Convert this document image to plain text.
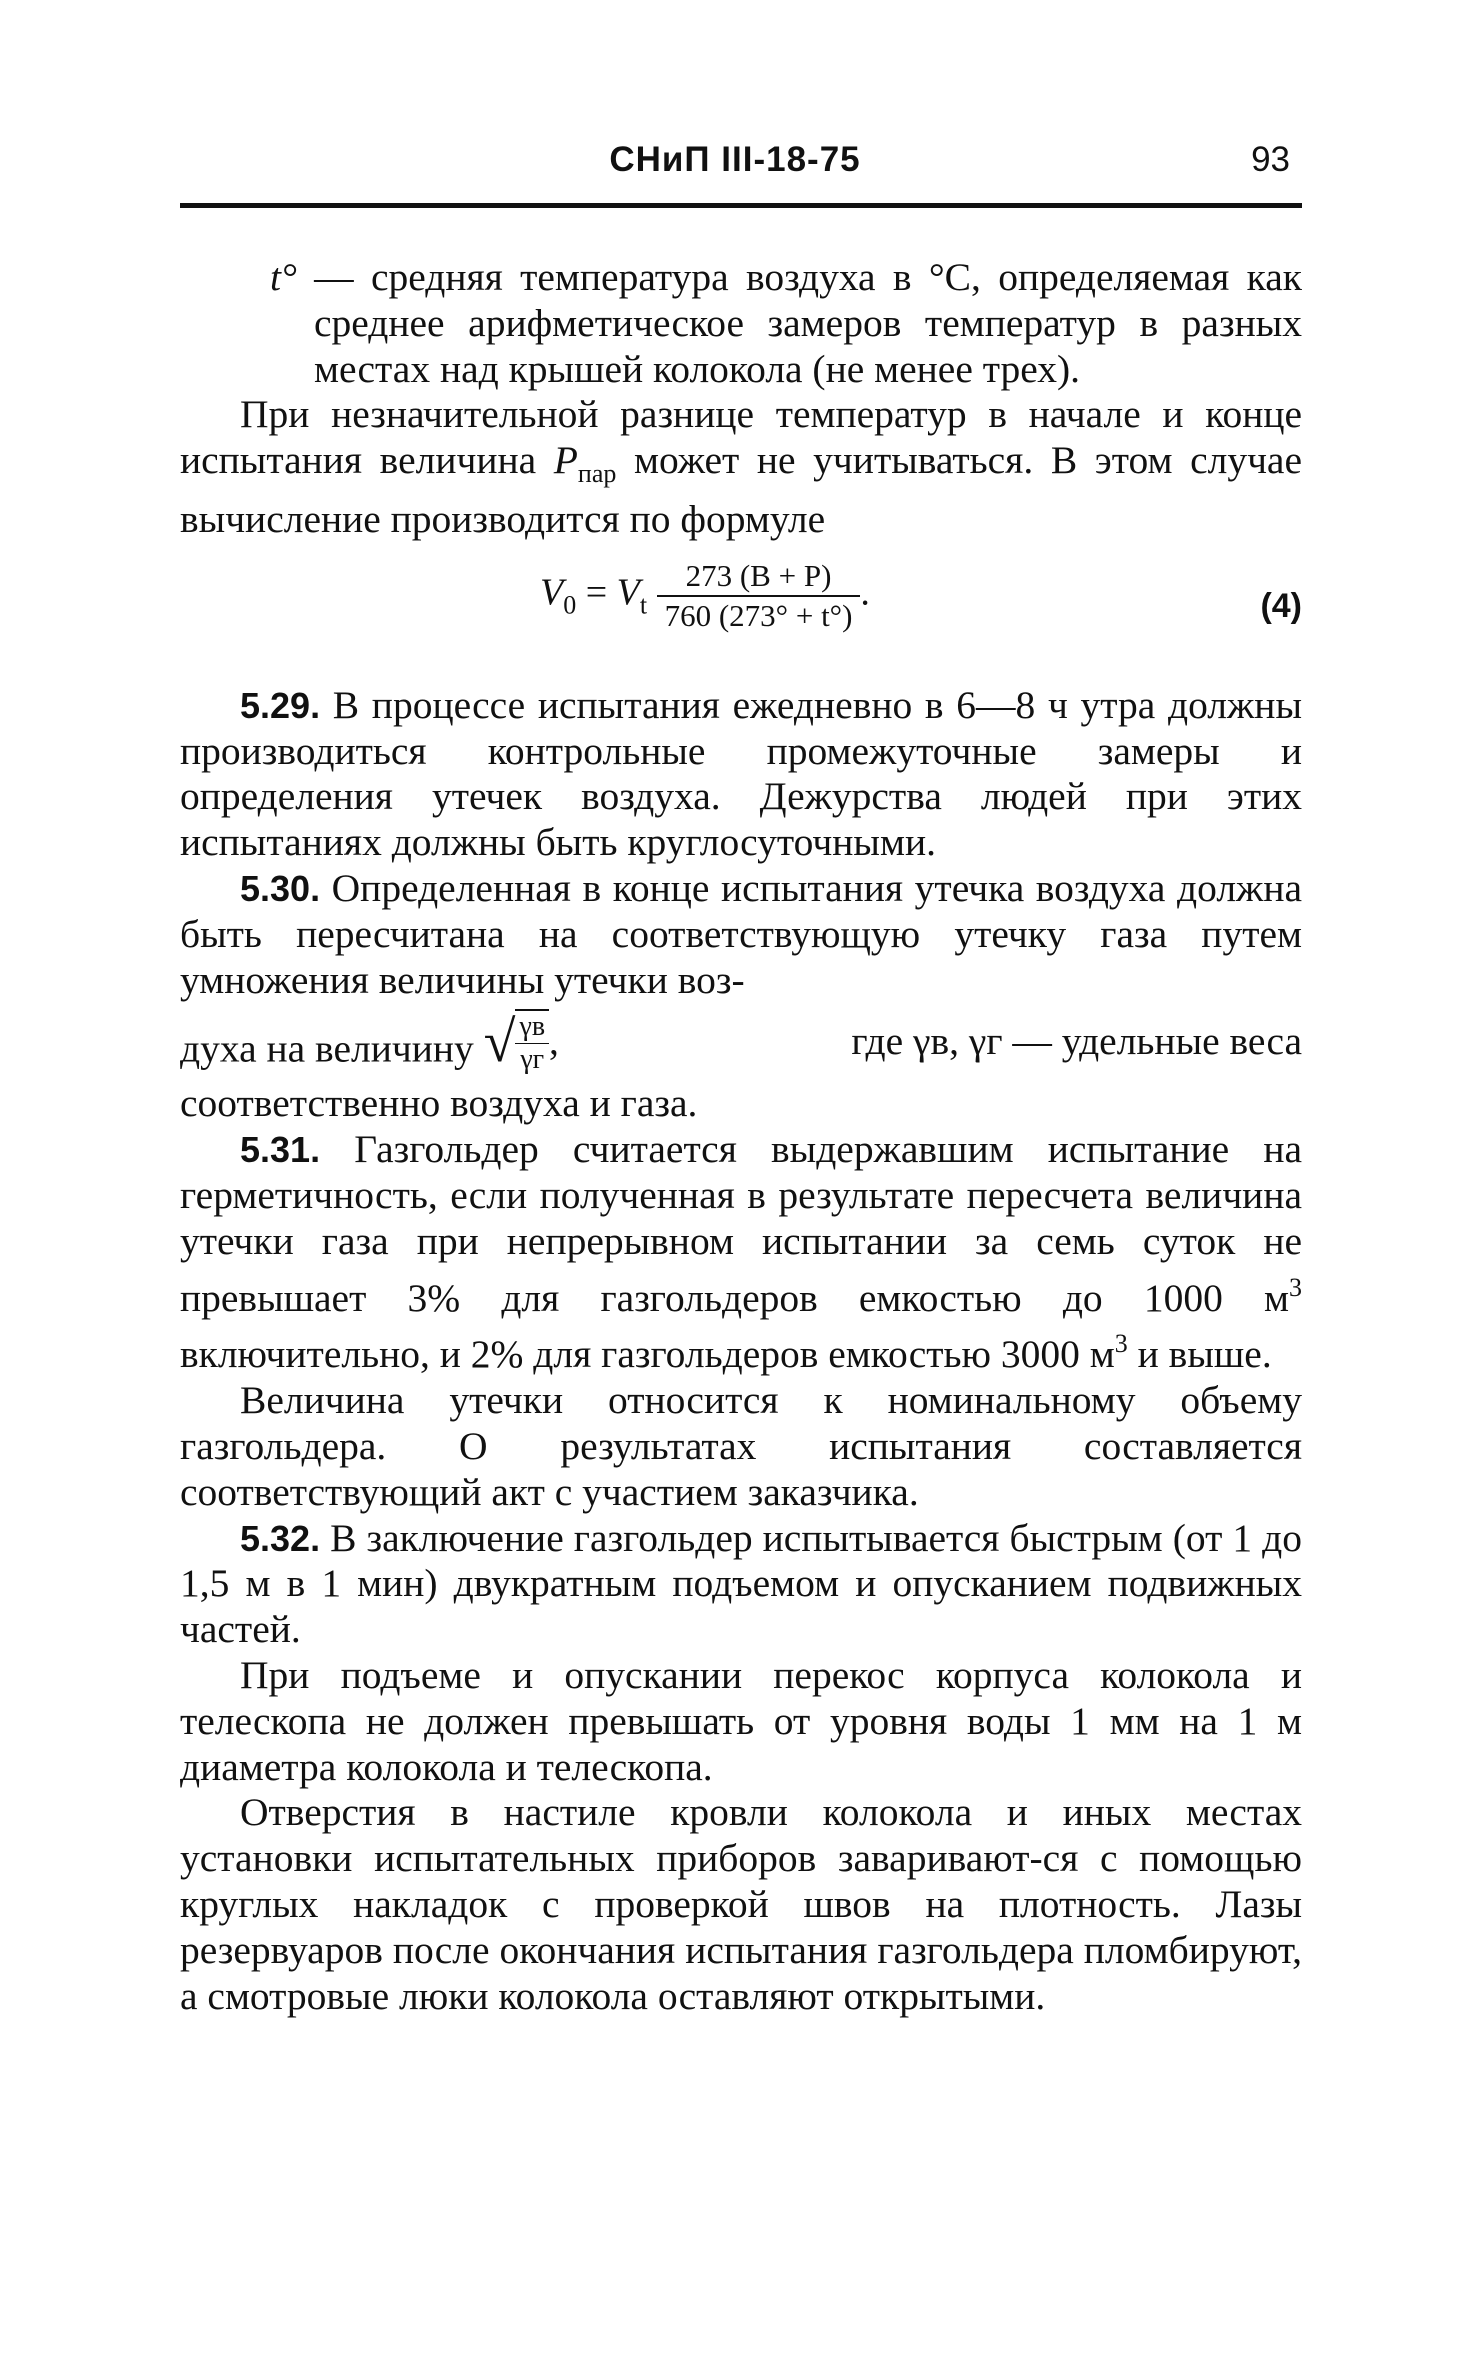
СНиП III-18-75	93

t° — средняя температура воздуха в °С, определяемая как среднее арифметическое замеров температур в разных местах над крышей колокола (не менее трех).

При незначительной разнице температур в начале и конце испытания величина $P_{пар}$ может не учитываться. В этом случае вычисление производится по формуле

$V_0 = V_t \frac{273 (B + P)}{760 (273^\circ + t^\circ)}$ .	(4)

5.29. В процессе испытания ежедневно в 6—8 ч утра должны производиться контрольные промежуточные замеры и определения утечек воздуха. Дежурства людей при этих испытаниях должны быть круглосуточными.

5.30. Определенная в конце испытания утечка воздуха должна быть пересчитана на соответствующую утечку газа путем умножения величины утечки воз-

духа на величину √ $\frac{\gamma в}{\gamma г}$ ,	где γв, γг — удельные веса

соответственно воздуха и газа.

5.31. Газгольдер считается выдержавшим испытание на герметичность, если полученная в результате пересчета величина утечки газа при непрерывном испытании за семь суток не превышает 3% для газгольдеров емкостью до 1000 $м^3$ включительно, и 2% для газгольдеров емкостью 3000 $м^3$ и выше.

Величина утечки относится к номинальному объему газгольдера. О результатах испытания составляется соответствующий акт с участием заказчика.

5.32. В заключение газгольдер испытывается быстрым (от 1 до 1,5 м в 1 мин) двукратным подъемом и опусканием подвижных частей.

При подъеме и опускании перекос корпуса колокола и телескопа не должен превышать от уровня воды 1 мм на 1 м диаметра колокола и телескопа.

Отверстия в настиле кровли колокола и иных местах установки испытательных приборов заваривают-ся с помощью круглых накладок с проверкой швов на плотность. Лазы резервуаров после окончания испытания газгольдера пломбируют, а смотровые люки колокола оставляют открытыми.
